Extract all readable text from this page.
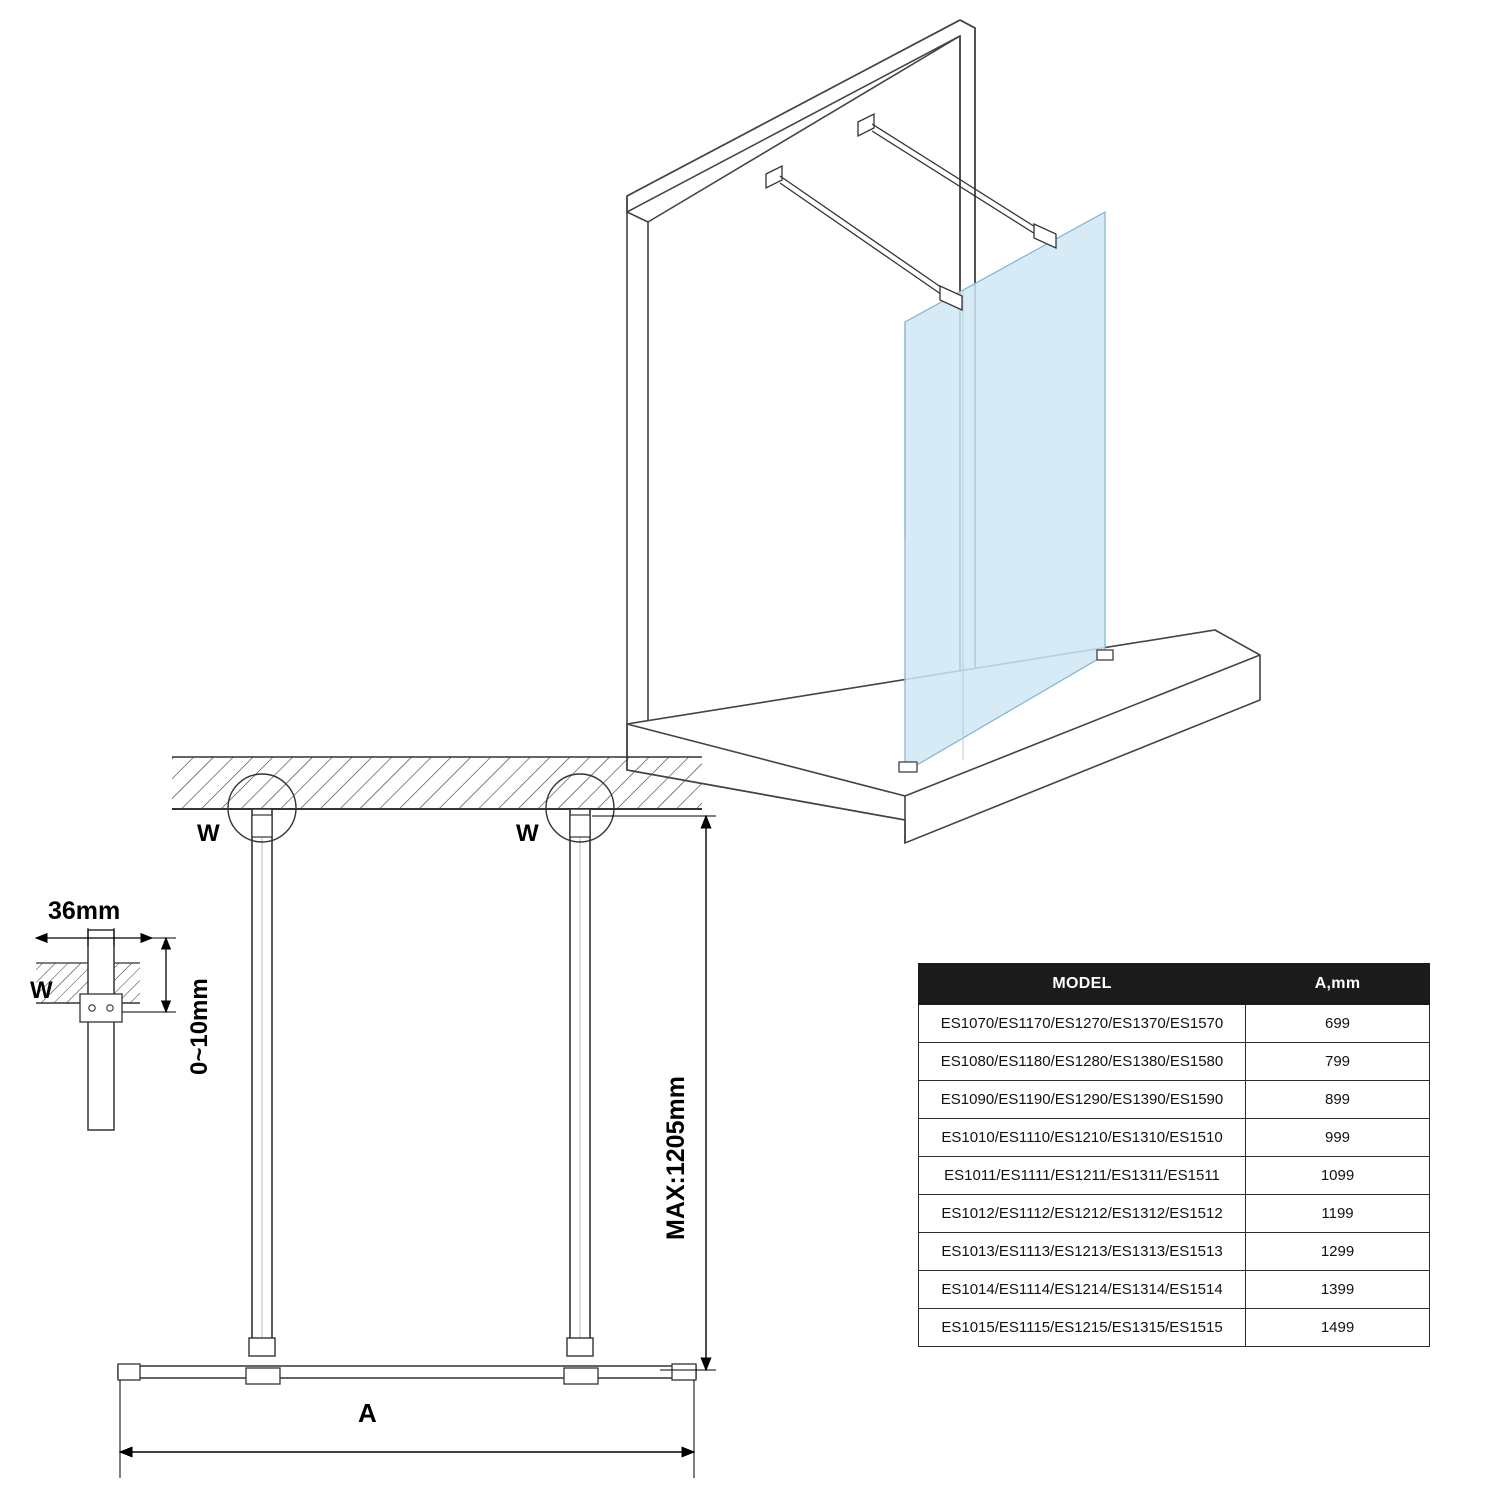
36mm
0~10mm
MAX:1205mm
A
W	W
W	MODEL	A,mm
ES1070/ES1170/ES1270/ES1370/ES1570	699
ES1080/ES1180/ES1280/ES1380/ES1580	799
ES1090/ES1190/ES1290/ES1390/ES1590	899
ES1010/ES1110/ES1210/ES1310/ES1510	999
ES1011/ES1111/ES1211/ES1311/ES1511	1099
ES1012/ES1112/ES1212/ES1312/ES1512	1199
ES1013/ES1113/ES1213/ES1313/ES1513	1299
ES1014/ES1114/ES1214/ES1314/ES1514	1399
ES1015/ES1115/ES1215/ES1315/ES1515	1499
